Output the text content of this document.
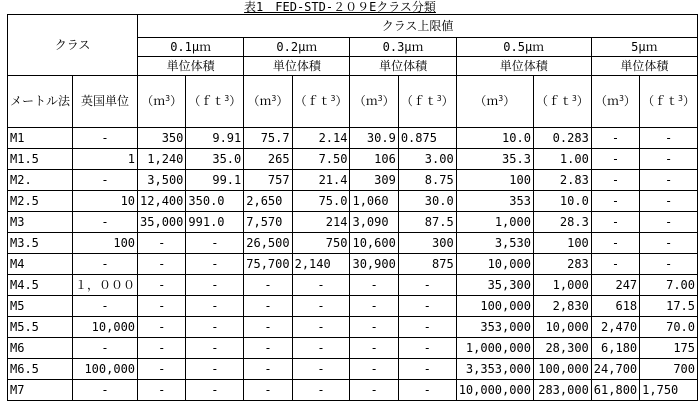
表1　FED-STD-２０９Eクラス分類
クラス		クラス上限値									
		0.1μｍ		0.2μｍ		0.3μｍ		0.5μｍ		5μｍ	
		単位体積		単位体積		単位体積		単位体積		単位体積	
メートル法	英国単位	（ｍ$^3$）	（ｆｔ$^3$）	（ｍ$^3$）	（ｆｔ$^3$）	（ｍ$^3$）	（ｆｔ$^3$）	（ｍ$^3$）	（ｆｔ$^3$）	（ｍ$^3$）	（ｆｔ$^3$）
M1	-	350	9.91	75.7	2.14	30.9	0.875	10.0	0.283	-	-
M1.5	1	1,240	35.0	265	7.50	106	3.00	35.3	1.00	-	-
M2.	-	3,500	99.1	757	21.4	309	8.75	100	2.83	-	-
M2.5	10	12,400	350.0	2,650	75.0	1,060	30.0	353	10.0	-	-
M3	-	35,000	991.0	7,570	214	3,090	87.5	1,000	28.3	-	-
M3.5	100	-	-	26,500	750	10,600	300	3,530	100	-	-
M4	-	-	-	75,700	2,140	30,900	875	10,000	283	-	-
M4.5	１，０００	-	-	-	-	-	-	35,300	1,000	247	7.00
M5	-	-	-	-	-	-	-	100,000	2,830	618	17.5
M5.5	10,000	-	-	-	-	-	-	353,000	10,000	2,470	70.0
M6	-	-	-	-	-	-	-	1,000,000	28,300	6,180	175
M6.5	100,000	-	-	-	-	-	-	3,353,000	100,000	24,700	700
M7	-	-	-	-	-	-	-	10,000,000	283,000	61,800	1,750
